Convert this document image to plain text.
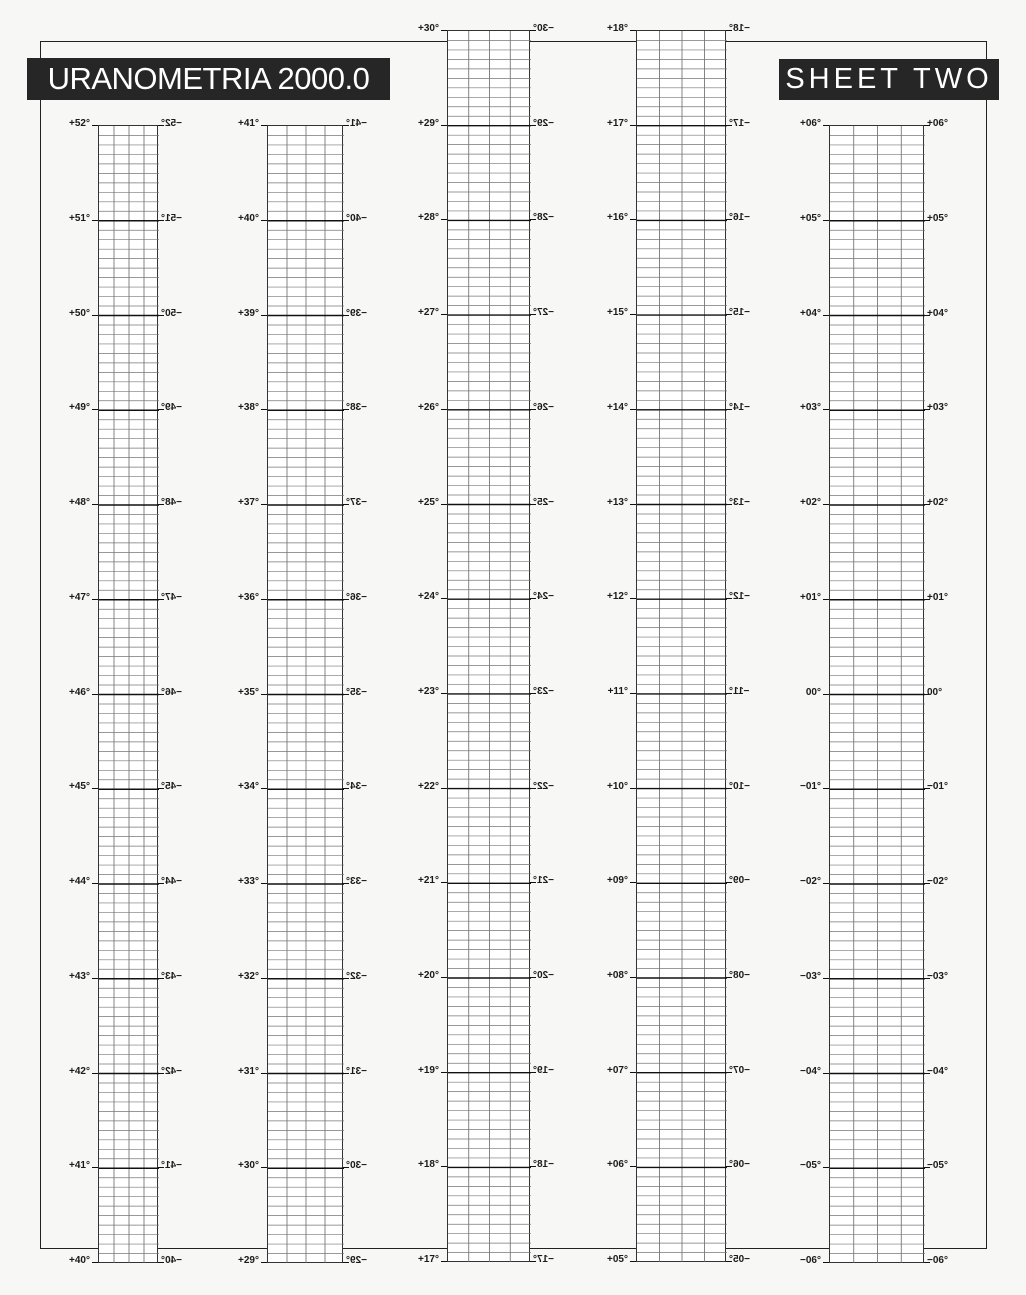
URANOMETRIA 2000.0	SHEET TWO
+52°	−52°
+51°	−51°
+50°	−50°
+49°	−49°
+48°	−48°
+47°	−47°
+46°	−46°
+45°	−45°
+44°	−44°
+43°	−43°
+42°	−42°
+41°	−41°
+40°	−40°
+41°	−41°
+40°	−40°
+39°	−39°
+38°	−38°
+37°	−37°
+36°	−36°
+35°	−35°
+34°	−34°
+33°	−33°
+32°	−32°
+31°	−31°
+30°	−30°
+29°	−29°
+30°	−30°
+29°	−29°
+28°	−28°
+27°	−27°
+26°	−26°
+25°	−25°
+24°	−24°
+23°	−23°
+22°	−22°
+21°	−21°
+20°	−20°
+19°	−19°
+18°	−18°
+17°	−17°
+18°	−18°
+17°	−17°
+16°	−16°
+15°	−15°
+14°	−14°
+13°	−13°
+12°	−12°
+11°	−11°
+10°	−10°
+09°	−09°
+08°	−08°
+07°	−07°
+06°	−06°
+05°	−05°
+06°	+06°
+05°	+05°
+04°	+04°
+03°	+03°
+02°	+02°
+01°	+01°
00°	00°
−01°	−01°
−02°	−02°
−03°	−03°
−04°	−04°
−05°	−05°
−06°	−06°
